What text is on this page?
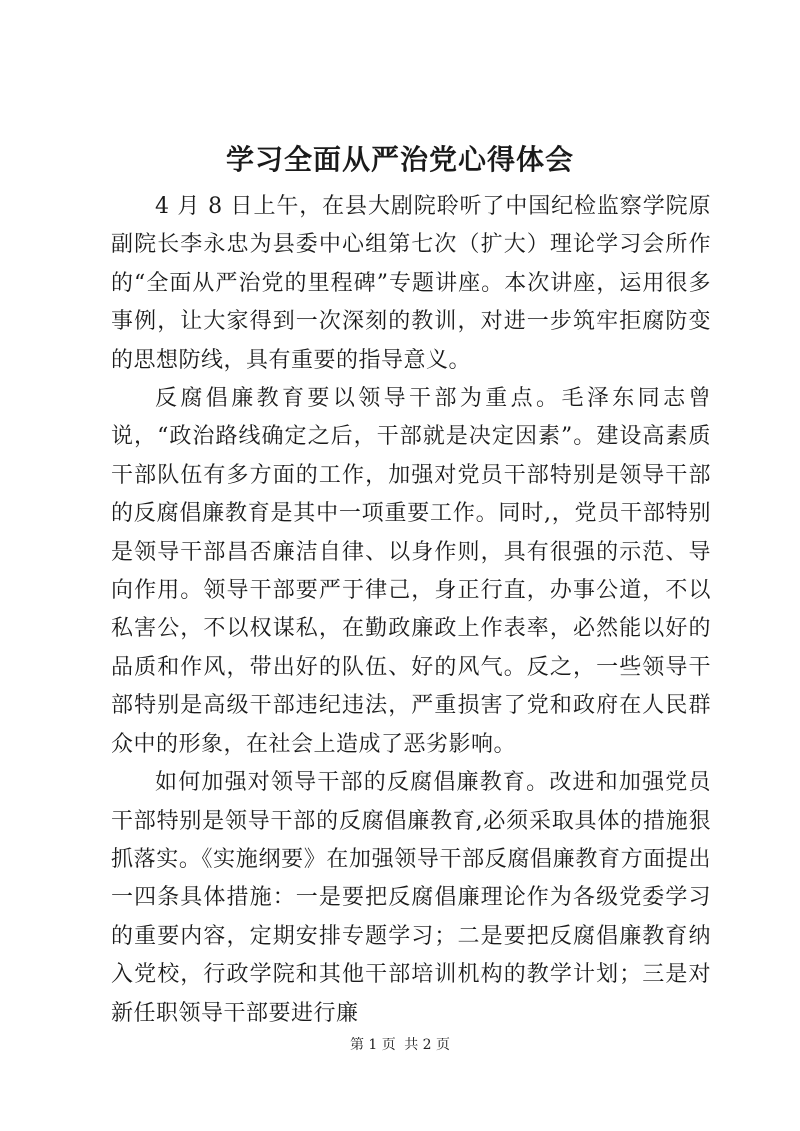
学习全面从严治党心得体会

4 月 8 日上午，在县大剧院聆听了中国纪检监察学院原副院长李永忠为县委中心组第七次（扩大）理论学习会所作的“全面从严治党的里程碑”专题讲座。本次讲座，运用很多事例，让大家得到一次深刻的教训，对进一步筑牢拒腐防变的思想防线，具有重要的指导意义。

反腐倡廉教育要以领导干部为重点。毛泽东同志曾说，“政治路线确定之后，干部就是决定因素”。建设高素质干部队伍有多方面的工作，加强对党员干部特别是领导干部的反腐倡廉教育是其中一项重要工作。同时,，党员干部特别是领导干部昌否廉洁自律、以身作则，具有很强的示范、导向作用。领导干部要严于律己，身正行直，办事公道，不以私害公，不以权谋私，在勤政廉政上作表率，必然能以好的品质和作风，带出好的队伍、好的风气。反之，一些领导干部特别是高级干部违纪违法，严重损害了党和政府在人民群众中的形象，在社会上造成了恶劣影响。

如何加强对领导干部的反腐倡廉教育。改进和加强党员干部特别是领导干部的反腐倡廉教育,必须采取具体的措施狠抓落实。《实施纲要》在加强领导干部反腐倡廉教育方面提出一四条具体措施：一是要把反腐倡廉理论作为各级党委学习的重要内容，定期安排专题学习；二是要把反腐倡廉教育纳入党校，行政学院和其他干部培训机构的教学计划；三是对新任职领导干部要进行廉

第 1 页 共 2 页
